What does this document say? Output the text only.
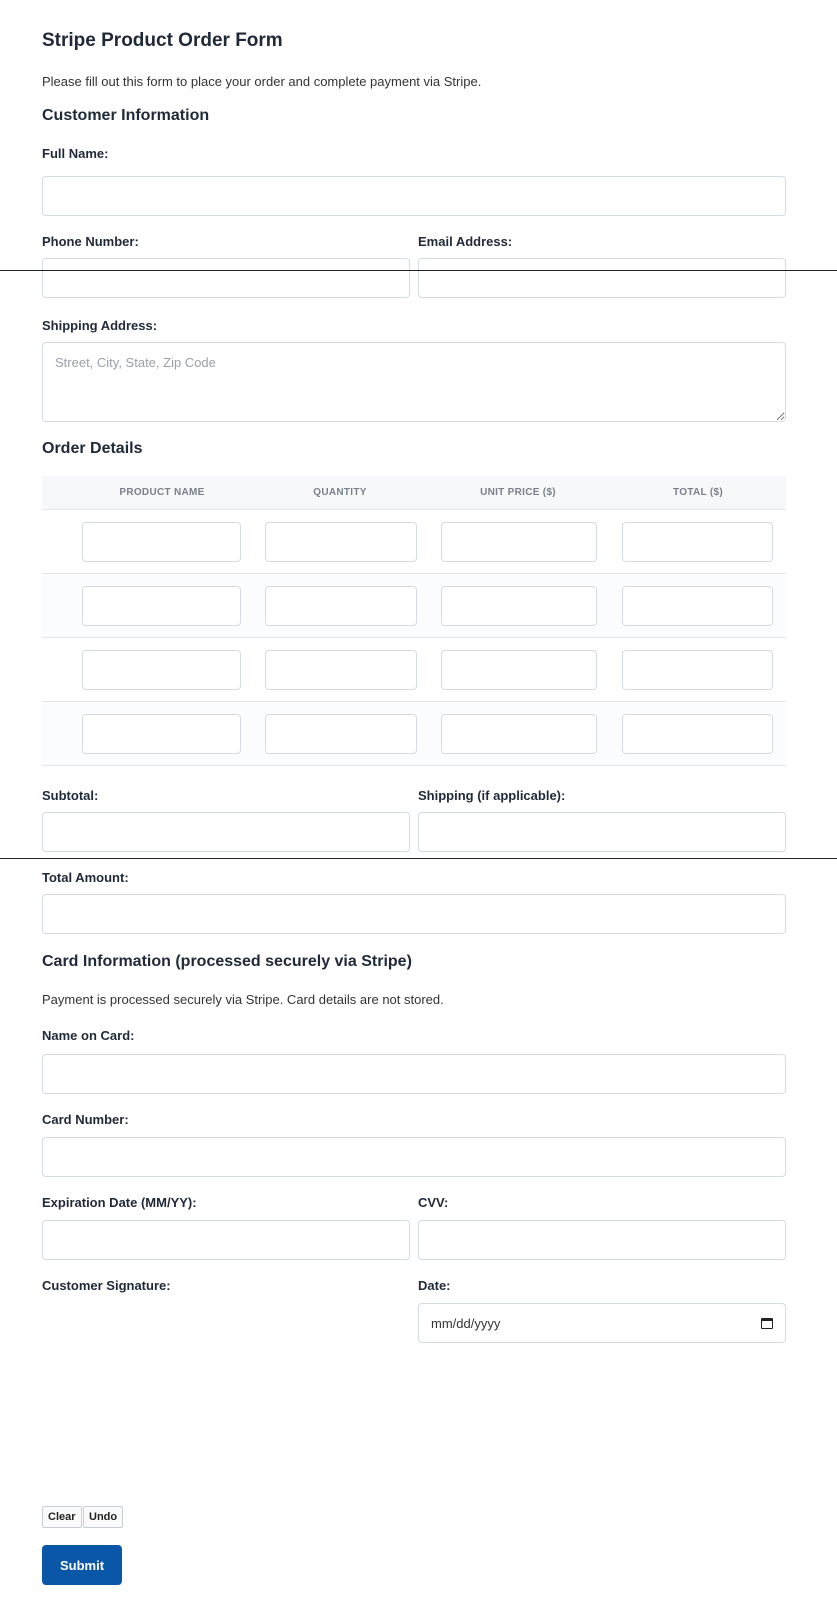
Stripe Product Order Form

Please fill out this form to place your order and complete payment via Stripe.

Customer Information
Full Name:
Phone Number:	Email Address:
Shipping Address:
Street, City, State, Zip Code
Order Details
PRODUCT NAME	QUANTITY	UNIT PRICE ($)	TOTAL ($)
Subtotal:	Shipping (if applicable):
Total Amount:
Card Information (processed securely via Stripe)

Payment is processed securely via Stripe. Card details are not stored.

Name on Card:
Card Number:
Expiration Date (MM/YY):	CVV:
Customer Signature:	Date:
mm/dd/yyyy
Clear	Undo
Submit
